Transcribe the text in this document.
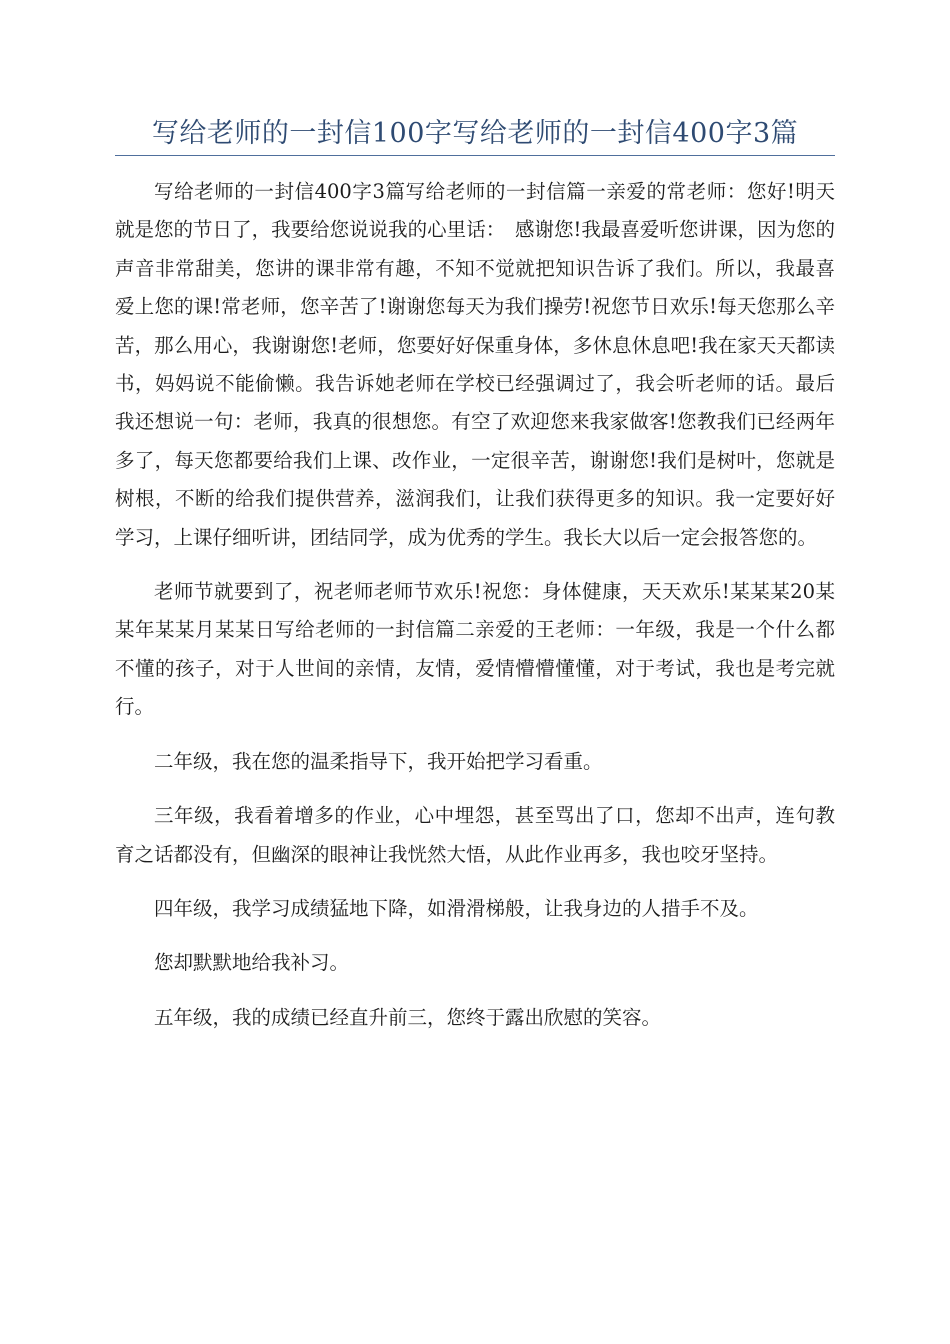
写给老师的一封信100字写给老师的一封信400字3篇

写给老师的一封信400字3篇写给老师的一封信篇一亲爱的常老师：您好!明天就是您的节日了，我要给您说说我的心里话：　感谢您!我最喜爱听您讲课，因为您的声音非常甜美，您讲的课非常有趣，不知不觉就把知识告诉了我们。所以，我最喜爱上您的课!常老师，您辛苦了!谢谢您每天为我们操劳!祝您节日欢乐!每天您那么辛苦，那么用心，我谢谢您!老师，您要好好保重身体，多休息休息吧!我在家天天都读书，妈妈说不能偷懒。我告诉她老师在学校已经强调过了，我会听老师的话。最后我还想说一句：老师，我真的很想您。有空了欢迎您来我家做客!您教我们已经两年多了，每天您都要给我们上课、改作业，一定很辛苦，谢谢您!我们是树叶，您就是树根，不断的给我们提供营养，滋润我们，让我们获得更多的知识。我一定要好好学习，上课仔细听讲，团结同学，成为优秀的学生。我长大以后一定会报答您的。

老师节就要到了，祝老师老师节欢乐!祝您：身体健康，天天欢乐!某某某20某某年某某月某某日写给老师的一封信篇二亲爱的王老师：一年级，我是一个什么都不懂的孩子，对于人世间的亲情，友情，爱情懵懵懂懂，对于考试，我也是考完就行。

二年级，我在您的温柔指导下，我开始把学习看重。

三年级，我看着增多的作业，心中埋怨，甚至骂出了口，您却不出声，连句教育之话都没有，但幽深的眼神让我恍然大悟，从此作业再多，我也咬牙坚持。

四年级，我学习成绩猛地下降，如滑滑梯般，让我身边的人措手不及。

您却默默地给我补习。

五年级，我的成绩已经直升前三，您终于露出欣慰的笑容。
